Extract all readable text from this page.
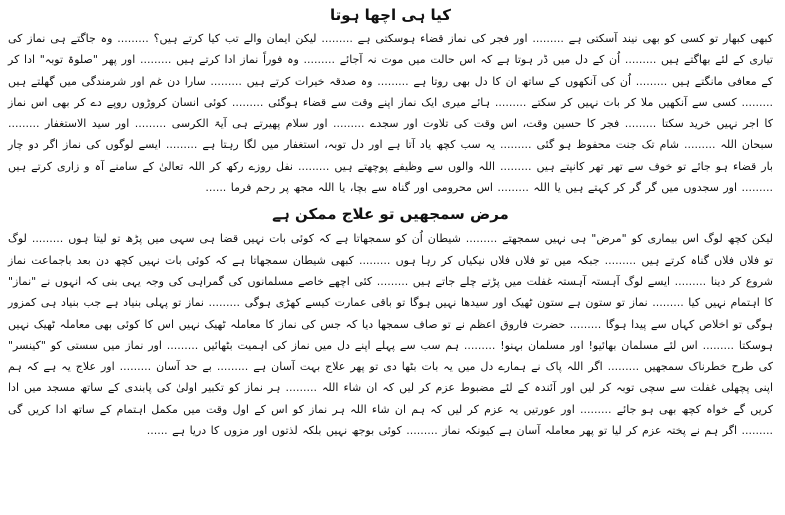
کیا ہی اچھا ہوتا

کبھی کبھار تو کسی کو بھی نیند آسکتی ہے ......... اور فجر کی نماز قضاء ہوسکتی ہے ......... لیکن ایمان والے تب کیا کرتے ہیں؟ ......... وہ جاگتے ہی نماز کی تیاری کے لئے بھاگتے ہیں ......... اُن کے دل میں ڈر ہوتا ہے کہ اس حالت میں موت نہ آجائے ......... وہ فوراً نماز ادا کرتے ہیں ......... اور پھر "صلوۃ توبہ" ادا کر کے معافی مانگتے ہیں ......... اُن کی آنکھوں کے ساتھ ان کا دل بھی روتا ہے ......... وہ صدقہ خیرات کرتے ہیں ......... سارا دن غم اور شرمندگی میں گھلتے ہیں ......... کسی سے آنکھیں ملا کر بات نہیں کر سکتے ......... ہائے میری ایک نماز اپنے وقت سے قضاء ہوگئی ......... کوئی انسان کروڑوں روپے دے کر بھی اس نماز کا اجر نہیں خرید سکتا ......... فجر کا حسین وقت، اس وقت کی تلاوت اور سجدے ......... اور سلام پھیرتے ہی آیۃ الکرسی ......... اور سید الاستغفار ......... سبحان اللہ ......... شام تک جنت محفوظ ہو گئی ......... یہ سب کچھ یاد آتا ہے اور دل توبہ، استغفار میں لگا رہتا ہے ......... ایسے لوگوں کی نماز اگر دو چار بار قضاء ہو جائے تو خوف سے تھر تھر کانپتے ہیں ......... اللہ والوں سے وظیفے پوچھتے ہیں ......... نفل روزے رکھ کر اللہ تعالیٰ کے سامنے آہ و زاری کرتے ہیں ......... اور سجدوں میں گر گر کر کہتے ہیں یا اللہ ......... اس محرومی اور گناہ سے بچا، یا اللہ مجھ پر رحم فرما ......

مرض سمجھیں تو علاج ممکن ہے

لیکن کچھ لوگ اس بیماری کو "مرض" ہی نہیں سمجھتے ......... شیطان اُن کو سمجھاتا ہے کہ کوئی بات نہیں قضا ہی سہی میں پڑھ تو لیتا ہوں ......... لوگ تو فلاں فلاں گناہ کرتے ہیں ......... جبکہ میں تو فلاں فلاں نیکیاں کر رہا ہوں ......... کبھی شیطان سمجھاتا ہے کہ کوئی بات نہیں کچھ دن بعد باجماعت نماز شروع کر دینا ......... ایسے لوگ آہستہ آہستہ غفلت میں پڑتے چلے جاتے ہیں ......... کئی اچھے خاصے مسلمانوں کی گمراہی کی وجہ یہی بنی کہ انہوں نے "نماز" کا اہتمام نہیں کیا ......... نماز تو ستون ہے ستون ٹھیک اور سیدھا نہیں ہوگا تو باقی عمارت کیسے کھڑی ہوگی ......... نماز تو پہلی بنیاد ہے جب بنیاد ہی کمزور ہوگی تو اخلاص کہاں سے پیدا ہوگا ......... حضرت فاروق اعظم نے تو صاف سمجھا دیا کہ جس کی نماز کا معاملہ ٹھیک نہیں اس کا کوئی بھی معاملہ ٹھیک نہیں ہوسکتا ......... اس لئے مسلمان بھائیو! اور مسلمان بہنو! ......... ہم سب سے پہلے اپنے دل میں نماز کی اہمیت بٹھائیں ......... اور نماز میں سستی کو "کینسر" کی طرح خطرناک سمجھیں ......... اگر اللہ پاک نے ہمارے دل میں یہ بات بٹھا دی تو پھر علاج بہت آسان ہے ......... بے حد آسان ......... اور علاج یہ ہے کہ ہم اپنی پچھلی غفلت سے سچی توبہ کر لیں اور آئندہ کے لئے مضبوط عزم کر لیں کہ ان شاء اللہ ......... ہر نماز کو تکبیر اولیٰ کی پابندی کے ساتھ مسجد میں ادا کریں گے خواہ کچھ بھی ہو جائے ......... اور عورتیں یہ عزم کر لیں کہ ہم ان شاء اللہ ہر نماز کو اس کے اول وقت میں مکمل اہتمام کے ساتھ ادا کریں گی ......... اگر ہم نے پختہ عزم کر لیا تو پھر معاملہ آسان ہے کیونکہ نماز ......... کوئی بوجھ نہیں بلکہ لذتوں اور مزوں کا دریا ہے ......
